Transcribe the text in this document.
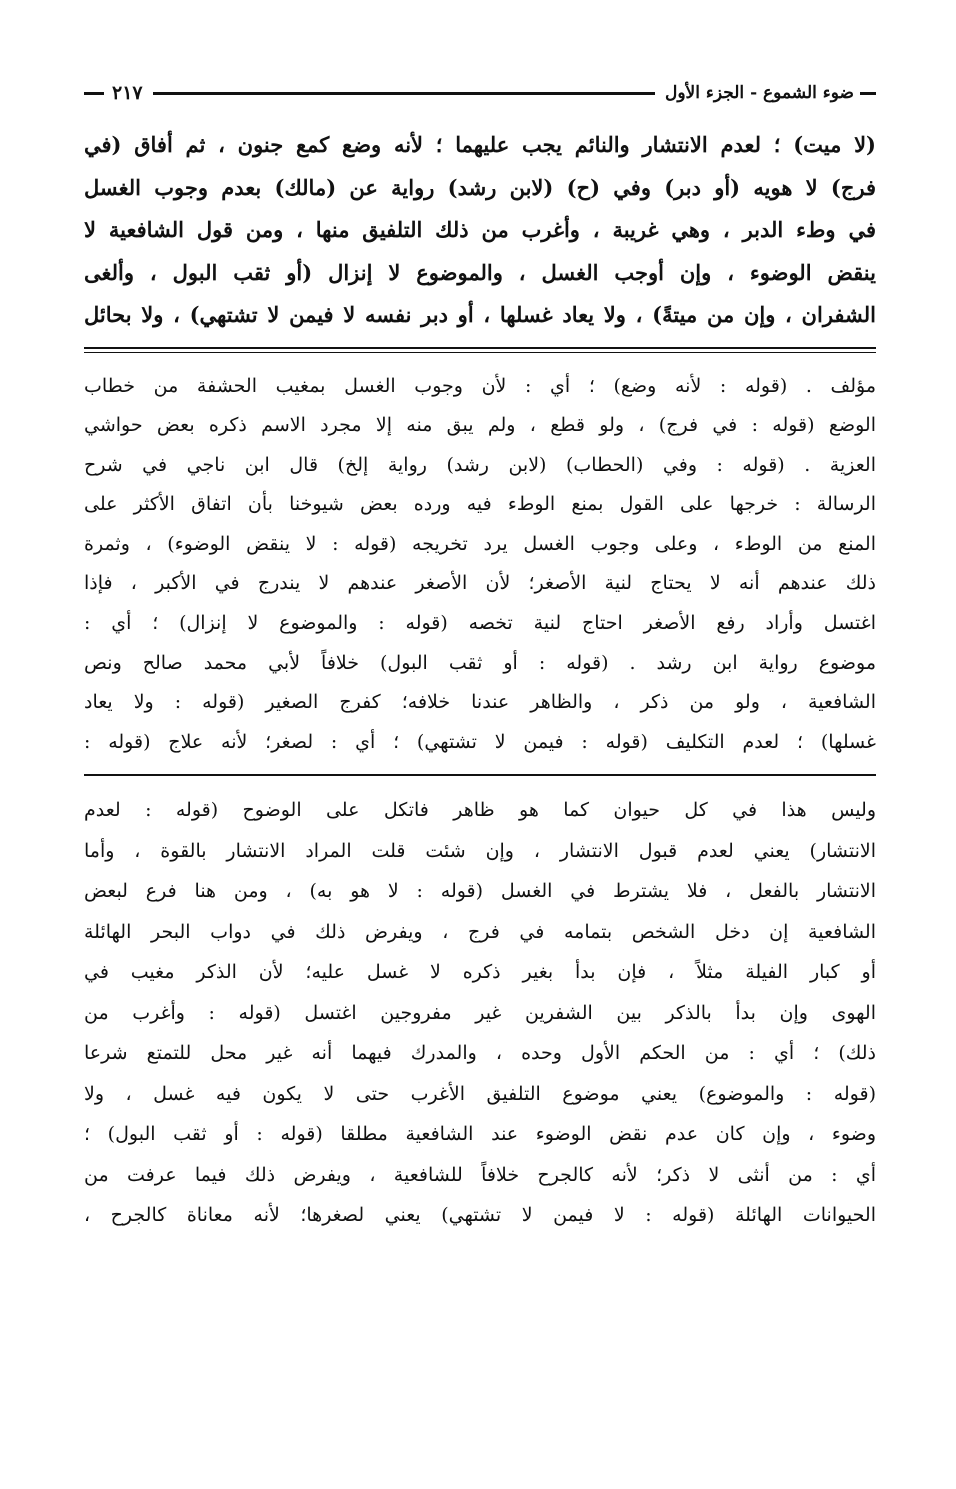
ضوء الشموع - الجزء الأول
٢١٧
(لا ميت) ؛ لعدم الانتشار والنائم يجب عليهما ؛ لأنه وضع كمع جنون ، ثم أفاق (في
فرج) لا هويه (أو دبر) وفي (ح) (لابن رشد) رواية عن (مالك) بعدم وجوب الغسل
في وطء الدبر ، وهي غريبة ، وأغرب من ذلك التلفيق منها ، ومن قول الشافعية لا
ينقض الوضوء ، وإن أوجب الغسل ، والموضوع لا إنزال (أو ثقب البول ، وألغى
الشفران ، وإن من ميتةً) ، ولا يعاد غسلها ، أو دبر نفسه لا فيمن لا تشتهي) ، ولا بحائل
مؤلف . (قوله : لأنه وضع) ؛ أي : لأن وجوب الغسل بمغيب الحشفة من خطاب
الوضع (قوله : في فرج) ، ولو قطع ، ولم يبق منه إلا مجرد الاسم ذكره بعض حواشي
العزية . (قوله : وفي (الحطاب) (لابن رشد) رواية إلخ) قال ابن ناجي في شرح
الرسالة : خرجها على القول بمنع الوطء فيه ورده بعض شيوخنا بأن اتفاق الأكثر على
المنع من الوطء ، وعلى وجوب الغسل يرد تخريجه (قوله : لا ينقض الوضوء) ، وثمرة
ذلك عندهم أنه لا يحتاج لنية الأصغر؛ لأن الأصغر عندهم لا يندرج في الأكبر ، فإذا
اغتسل وأراد رفع الأصغر احتاج لنية تخصه (قوله : والموضوع لا إنزال) ؛ أي :
موضوع رواية ابن رشد . (قوله : أو ثقب البول) خلافاً لأبي محمد صالح ونص
الشافعية ، ولو من ذكر ، والظاهر عندنا خلافه؛ كفرج الصغير (قوله : ولا يعاد
غسلها) ؛ لعدم التكليف (قوله : فيمن لا تشتهي) ؛ أي : لصغر؛ لأنه علاج (قوله :
وليس هذا في كل حيوان كما هو ظاهر فاتكل على الوضوح (قوله : لعدم
الانتشار) يعني لعدم قبول الانتشار ، وإن شئت قلت المراد الانتشار بالقوة ، وأما
الانتشار بالفعل ، فلا يشترط في الغسل (قوله : لا هو به) ، ومن هنا فرع لبعض
الشافعية إن دخل الشخص بتمامه في فرج ، ويفرض ذلك في دواب البحر الهائلة
أو كبار الفيلة مثلاً ، فإن بدأ بغير ذكره لا غسل عليه؛ لأن الذكر مغيب في
الهوى وإن بدأ بالذكر بين الشفرين غير مفروجين اغتسل (قوله : وأغرب من
ذلك) ؛ أي : من الحكم الأول وحده ، والمدرك فيهما أنه غير محل للتمتع شرعا
(قوله : والموضوع) يعني موضوع التلفيق الأغرب حتى لا يكون فيه غسل ، ولا
وضوء ، وإن كان عدم نقض الوضوء عند الشافعية مطلقا (قوله : أو ثقب البول) ؛
أي : من أنثى لا ذكر؛ لأنه كالجرح خلافاً للشافعية ، ويفرض ذلك فيما عرفت من
الحيوانات الهائلة (قوله : لا فيمن لا تشتهي) يعني لصغرها؛ لأنه معاناة كالجرح ،
